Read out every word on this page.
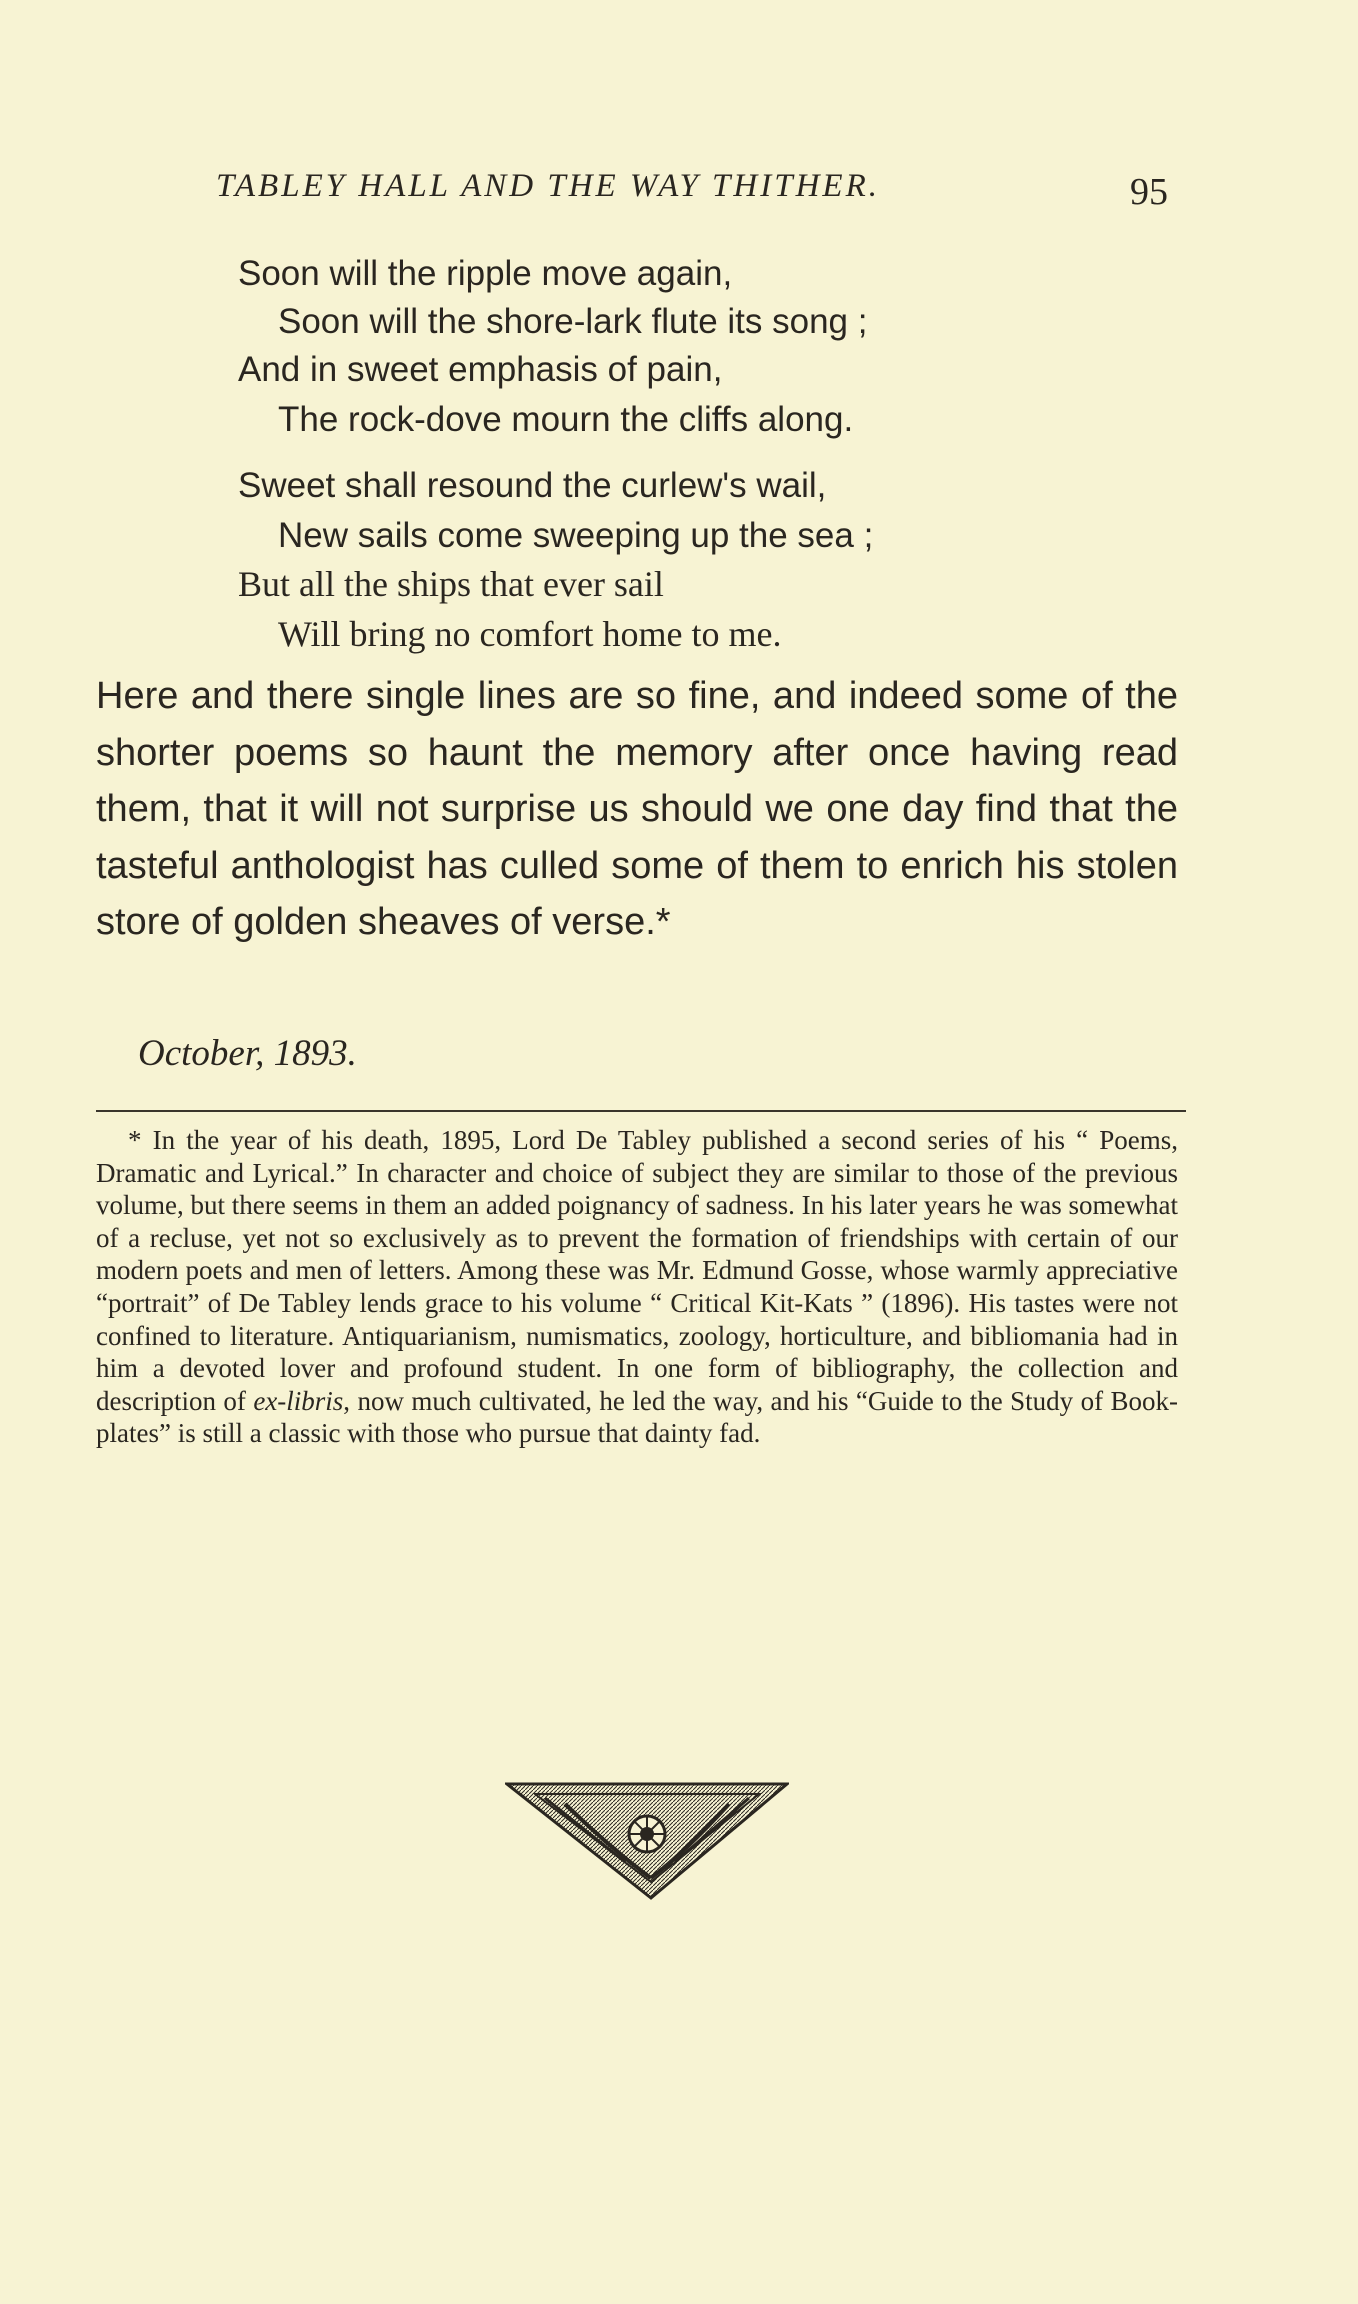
TABLEY HALL AND THE WAY THITHER.	95
Soon will the ripple move again,
Soon will the shore-lark flute its song ;
And in sweet emphasis of pain,
The rock-dove mourn the cliffs along.
Sweet shall resound the curlew's wail,
New sails come sweeping up the sea ;
But all the ships that ever sail
Will bring no comfort home to me.

Here and there single lines are so fine, and indeed some of the shorter poems so haunt the memory after once having read them, that it will not surprise us should we one day find that the tasteful anthologist has culled some of them to enrich his stolen store of golden sheaves of verse.*

October, 1893.

* In the year of his death, 1895, Lord De Tabley published a second series of his “ Poems, Dramatic and Lyrical.” In character and choice of subject they are similar to those of the previous volume, but there seems in them an added poignancy of sadness. In his later years he was somewhat of a recluse, yet not so exclusively as to prevent the formation of friendships with certain of our modern poets and men of letters. Among these was Mr. Edmund Gosse, whose warmly appreciative “portrait” of De Tabley lends grace to his volume “ Critical Kit-Kats ” (1896). His tastes were not confined to literature. Antiquarianism, numismatics, zoology, horticulture, and bibliomania had in him a devoted lover and profound student. In one form of bibliography, the collection and description of ex-libris, now much cultivated, he led the way, and his “Guide to the Study of Book-plates” is still a classic with those who pursue that dainty fad.
